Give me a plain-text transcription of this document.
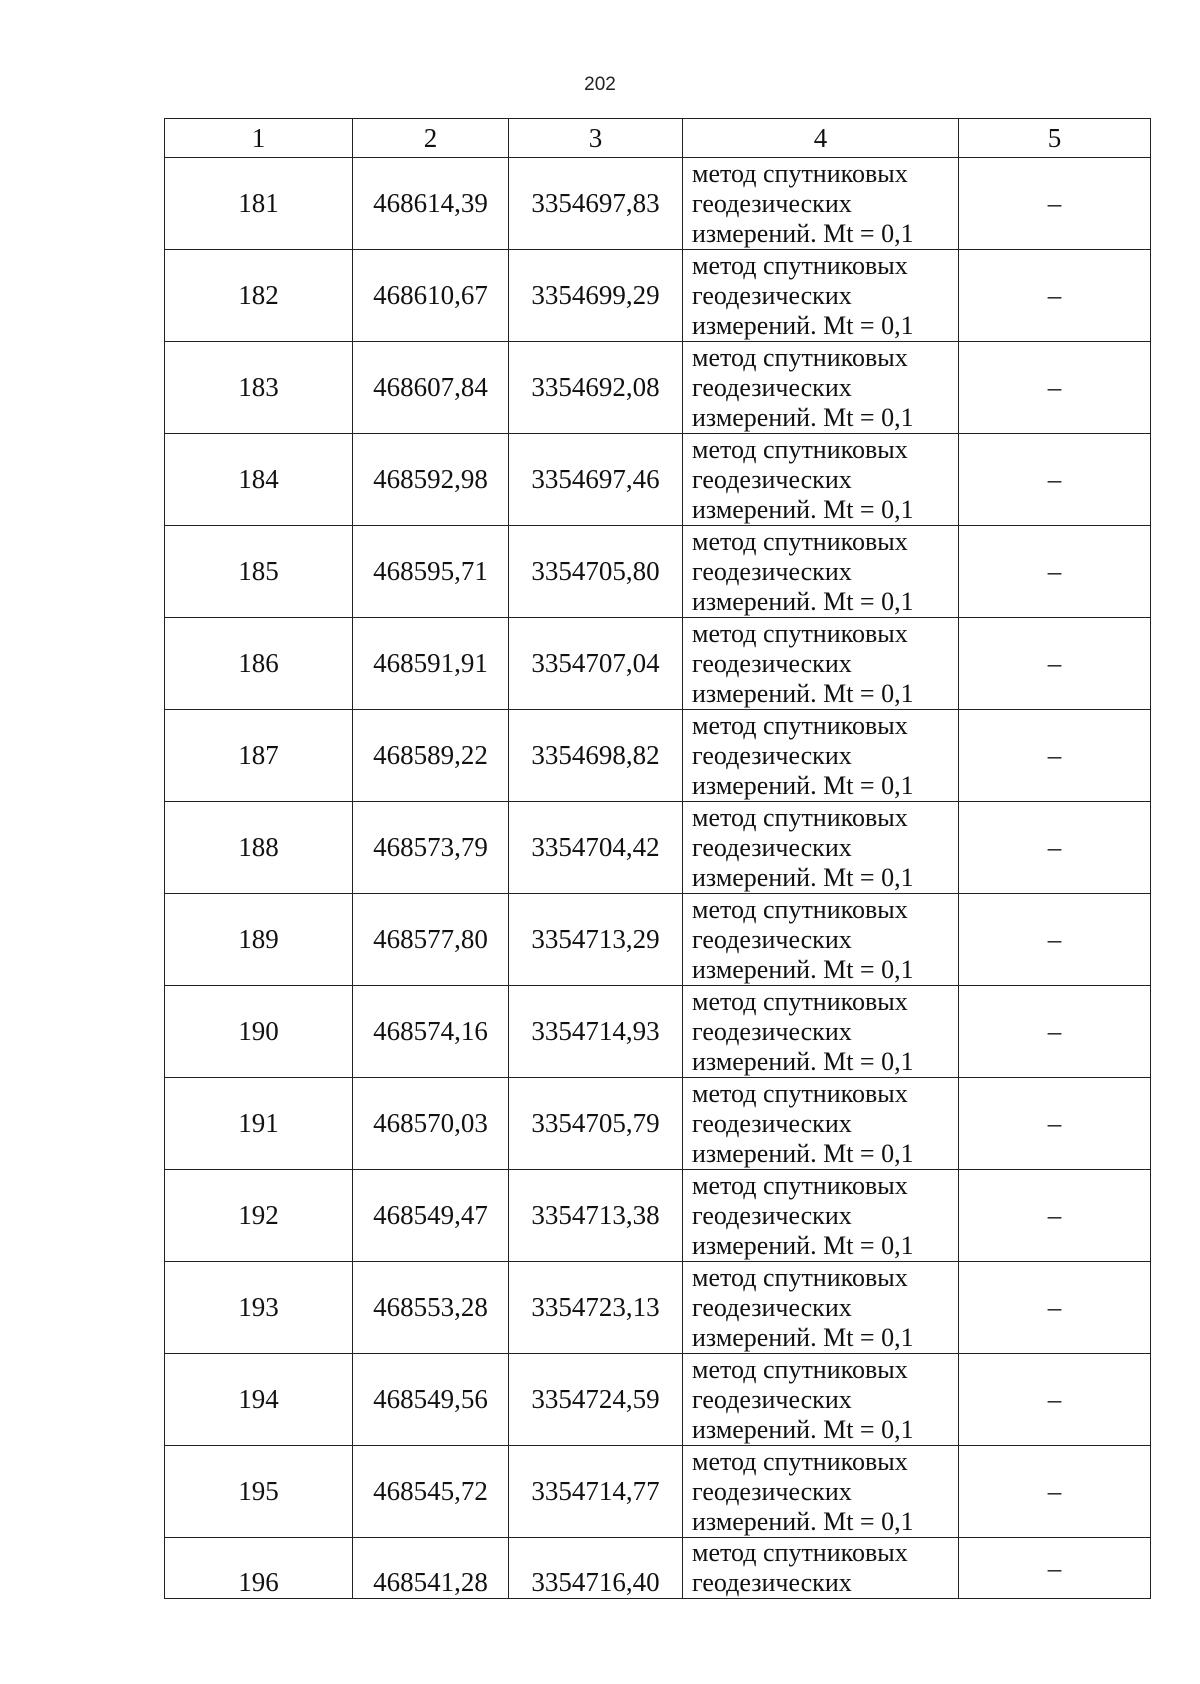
202
1	2	3	4	5
181	468614,39	3354697,83	метод спутниковых
геодезических
измерений. Mt = 0,1	–
182	468610,67	3354699,29	метод спутниковых
геодезических
измерений. Mt = 0,1	–
183	468607,84	3354692,08	метод спутниковых
геодезических
измерений. Mt = 0,1	–
184	468592,98	3354697,46	метод спутниковых
геодезических
измерений. Mt = 0,1	–
185	468595,71	3354705,80	метод спутниковых
геодезических
измерений. Mt = 0,1	–
186	468591,91	3354707,04	метод спутниковых
геодезических
измерений. Mt = 0,1	–
187	468589,22	3354698,82	метод спутниковых
геодезических
измерений. Mt = 0,1	–
188	468573,79	3354704,42	метод спутниковых
геодезических
измерений. Mt = 0,1	–
189	468577,80	3354713,29	метод спутниковых
геодезических
измерений. Mt = 0,1	–
190	468574,16	3354714,93	метод спутниковых
геодезических
измерений. Mt = 0,1	–
191	468570,03	3354705,79	метод спутниковых
геодезических
измерений. Mt = 0,1	–
192	468549,47	3354713,38	метод спутниковых
геодезических
измерений. Mt = 0,1	–
193	468553,28	3354723,13	метод спутниковых
геодезических
измерений. Mt = 0,1	–
194	468549,56	3354724,59	метод спутниковых
геодезических
измерений. Mt = 0,1	–
195	468545,72	3354714,77	метод спутниковых
геодезических
измерений. Mt = 0,1	–
196	468541,28	3354716,40	метод спутниковых
геодезических	–
